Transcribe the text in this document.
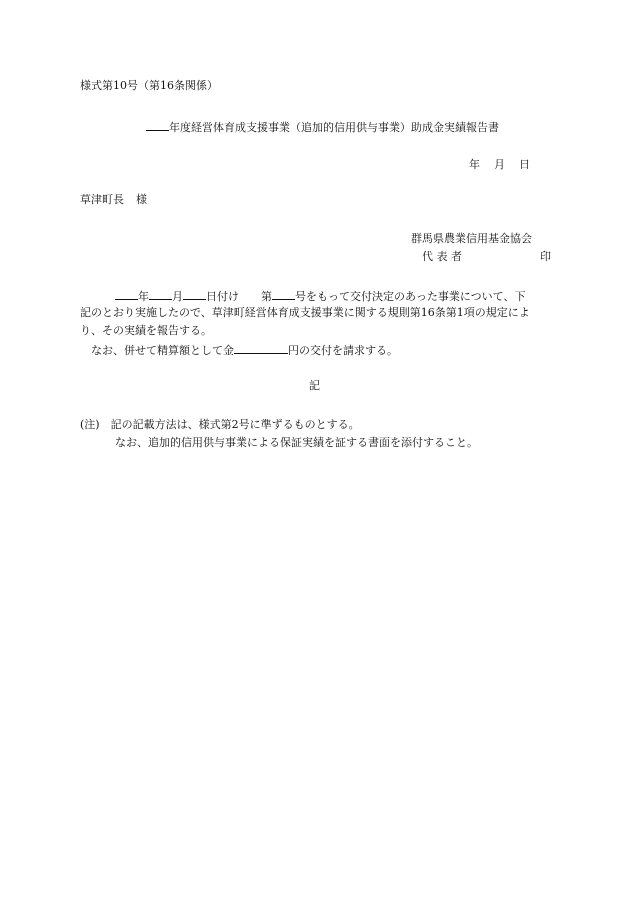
様式第10号（第16条関係）
年度経営体育成支援事業（追加的信用供与事業）助成金実績報告書
年 月 日
草津町長 様
群馬県農業信用基金協会
代 表 者	印
年 月 日付け 第 号をもって交付決定のあった事業について、下
記のとおり実施したので、草津町経営体育成支援事業に関する規則第16条第1項の規定によ
り、その実績を報告する。
なお、併せて精算額として金	円の交付を請求する。
記
(注) 記の記載方法は、様式第2号に準ずるものとする。
なお、追加的信用供与事業による保証実績を証する書面を添付すること。
